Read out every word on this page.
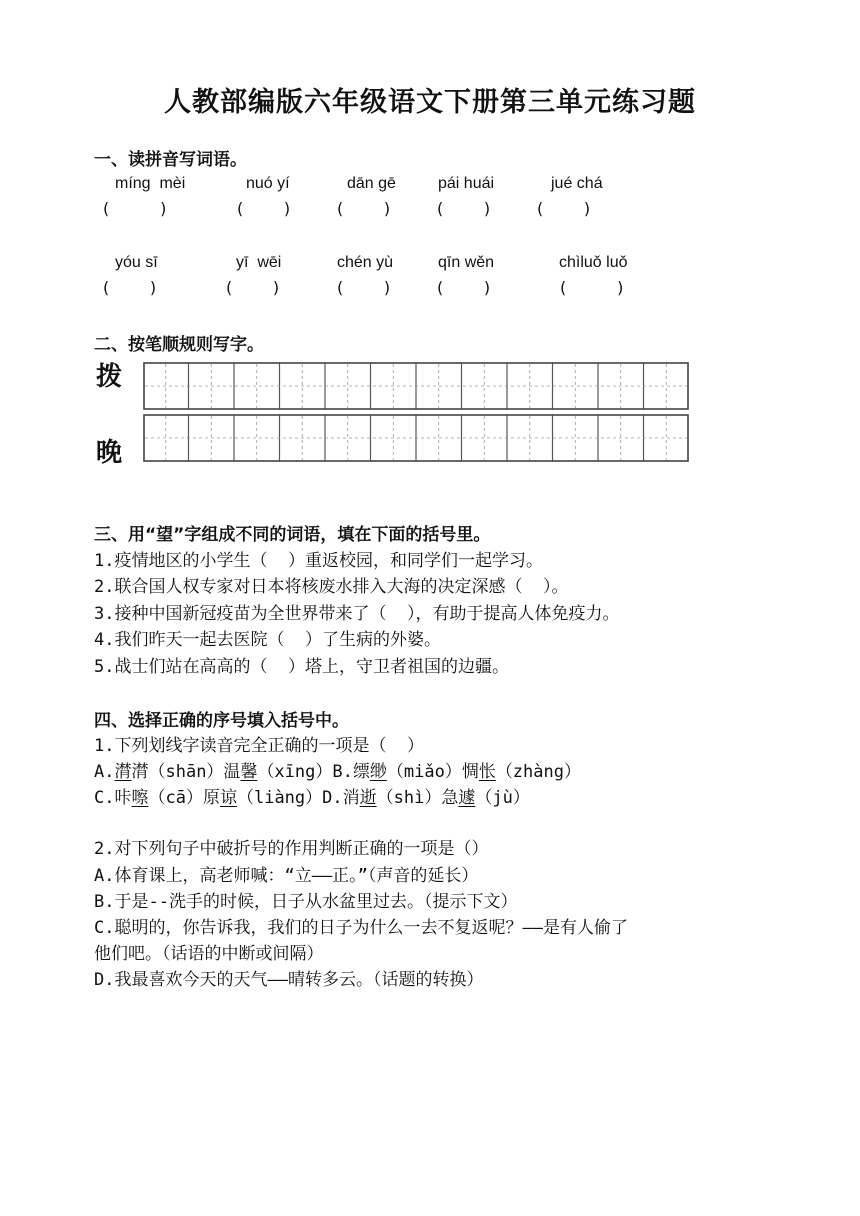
人教部编版六年级语文下册第三单元练习题
一、读拼音写词语。
míng  mèi	nuó yí	dān gē	pái huái	jué chá
(          )	(        )	(        )	(        )	(        )
yóu sī	yī  wēi	chén yù	qīn wěn	chìluǒ luǒ
(        )	(        )	(        )	(        )	(          )
二、按笔顺规则写字。
拨
晚
三、用“望”字组成不同的词语，填在下面的括号里。
1.疫情地区的小学生（  ）重返校园，和同学们一起学习。
2.联合国人权专家对日本将核废水排入大海的决定深感（  ）。
3.接种中国新冠疫苗为全世界带来了（  ），有助于提高人体免疫力。
4.我们昨天一起去医院（  ）了生病的外婆。
5.战士们站在高高的（  ）塔上，守卫者祖国的边疆。
四、选择正确的序号填入括号中。
1.下列划线字读音完全正确的一项是（  ）
A.潸潸（shān）温馨（xīng）B.缥缈（miǎo）惆怅（zhàng）
C.咔嚓（cā）原谅（liàng）D.消逝（shì）急遽（jù）
2.对下列句子中破折号的作用判断正确的一项是（）
A.体育课上，高老师喊：“立——正。”（声音的延长）
B.于是--洗手的时候，日子从水盆里过去。（提示下文）
C.聪明的，你告诉我，我们的日子为什么一去不复返呢？——是有人偷了
他们吧。（话语的中断或间隔）
D.我最喜欢今天的天气——晴转多云。（话题的转换）
